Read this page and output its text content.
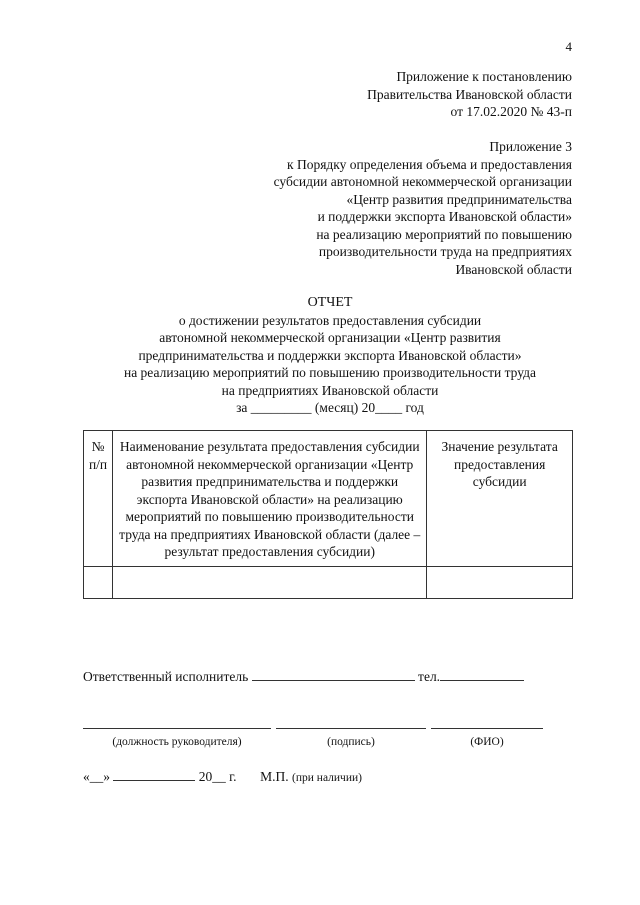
4
Приложение к постановлению
Правительства Ивановской области
от 17.02.2020 № 43-п
Приложение 3
к Порядку определения объема и предоставления
субсидии автономной некоммерческой организации
«Центр развития предпринимательства
и поддержки экспорта Ивановской области»
на реализацию мероприятий по повышению
производительности труда на предприятиях
Ивановской области
ОТЧЕТ
о достижении результатов предоставления субсидии
автономной некоммерческой организации «Центр развития
предпринимательства и поддержки экспорта Ивановской области»
на реализацию мероприятий по повышению производительности труда
на предприятиях Ивановской области
за _________ (месяц) 20____ год
№ п/п	Наименование результата предоставления субсидии автономной некоммерческой организации «Центр развития предпринимательства и поддержки экспорта Ивановской области» на реализацию мероприятий по повышению производительности труда на предприятиях Ивановской области (далее – результат предоставления субсидии)	Значение результата предоставления субсидии

Ответственный исполнитель	тел.
(должность руководителя)	(подпись)	(ФИО)
«__»	20__ г. М.П. (при наличии)
